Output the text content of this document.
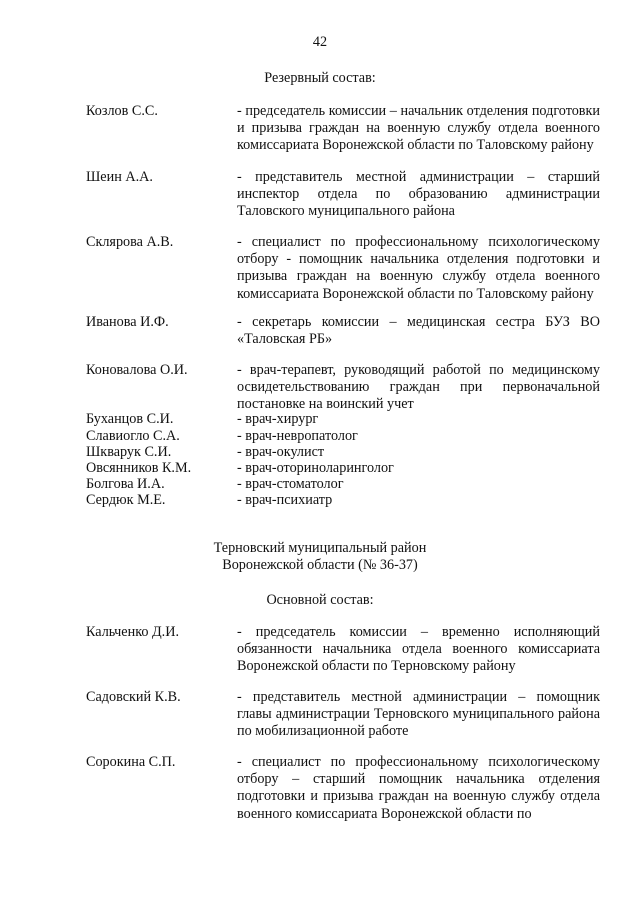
42
Резервный состав:
Козлов С.С.	- председатель комиссии – начальник отделения подготовки и призыва граждан на военную службу отдела военного комиссариата Воронежской области по Таловскому району
Шеин А.А.	- представитель местной администрации – старший инспектор отдела по образованию администрации Таловского муниципального района
Склярова А.В.	- специалист по профессиональному психологическому отбору - помощник начальника отделения подготовки и призыва граждан на военную службу отдела военного комиссариата Воронежской области по Таловскому району
Иванова И.Ф.	- секретарь комиссии – медицинская сестра БУЗ ВО «Таловская РБ»
Коновалова О.И.	- врач-терапевт, руководящий работой по медицинскому освидетельствованию граждан при первоначальной постановке на воинский учет
Буханцов С.И.	- врач-хирург
Славиогло С.А.	- врач-невропатолог
Шкварук С.И.	- врач-окулист
Овсянников К.М.	- врач-оториноларинголог
Болгова И.А.	- врач-стоматолог
Сердюк М.Е.	- врач-психиатр
Терновский муниципальный район
Воронежской области (№ 36-37)
Основной состав:
Кальченко Д.И.	- председатель комиссии – временно исполняющий обязанности начальника отдела военного комиссариата Воронежской области по Терновскому району
Садовский К.В.	- представитель местной администрации – помощник главы администрации Терновского муниципального района по мобилизационной работе
Сорокина С.П.	- специалист по профессиональному психологическому отбору – старший помощник начальника отделения подготовки и призыва граждан на военную службу отдела военного комиссариата Воронежской области по
